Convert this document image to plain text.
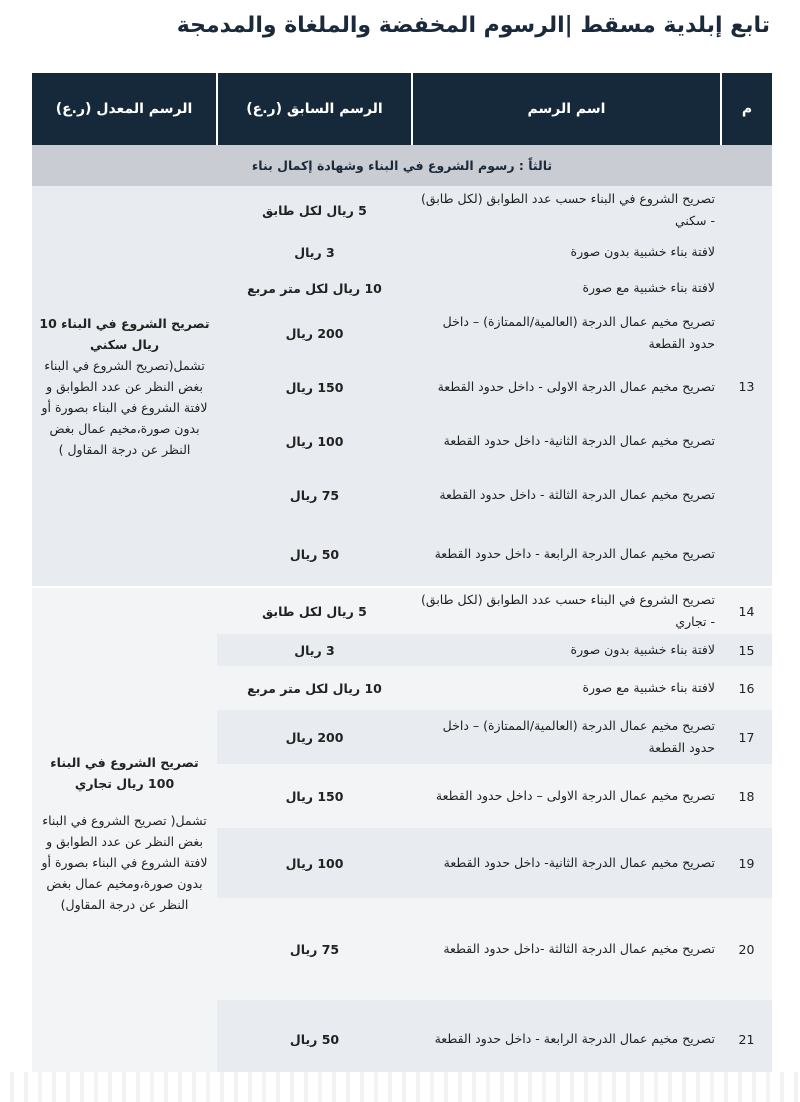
تابع إبلدية مسقط |الرسوم المخفضة والملغاة والمدمجة
م	اسم الرسم	الرسم السابق (ر.ع)	الرسم المعدل (ر.ع)
ثالثاً : رسوم الشروع في البناء وشهادة إكمال بناء			
13	تصريح الشروع في البناء حسب عدد الطوابق (لكل طابق) - سكني	5 ريال لكل طابق	تصريح الشروع في البناء 10 ريال سكني
تشمل(تصريح الشروع في البناء بغض النظر عن عدد الطوابق و لافتة الشروع في البناء بصورة أو بدون صورة،مخيم عمال بغض النظر عن درجة المقاول )

	لافتة بناء خشبية بدون صورة	3 ريال	
	لافتة بناء خشبية مع صورة	10 ريال لكل متر مربع	
	تصريح مخيم عمال الدرجة (العالمية/الممتازة) – داخل حدود القطعة	200 ريال	
	تصريح مخيم عمال الدرجة الاولى - داخل حدود القطعة	150 ريال	
	تصريح مخيم عمال الدرجة الثانية- داخل حدود القطعة	100 ريال	
	تصريح مخيم عمال الدرجة الثالثة - داخل حدود القطعة	75 ريال	
	تصريح مخيم عمال الدرجة الرابعة - داخل حدود القطعة	50 ريال	
14	تصريح الشروع في البناء حسب عدد الطوابق (لكل طابق) - تجاري	5 ريال لكل طابق	تصريح الشروع في البناء 100 ريال تجاري
تشمل( تصريح الشروع في البناء بغض النظر عن عدد الطوابق و لافتة الشروع في البناء بصورة أو بدون صورة،ومخيم عمال بغض النظر عن درجة المقاول)

15	لافتة بناء خشبية بدون صورة	3 ريال	
16	لافتة بناء خشبية مع صورة	10 ريال لكل متر مربع	
17	تصريح مخيم عمال الدرجة (العالمية/الممتازة) – داخل حدود القطعة	200 ريال	
18	تصريح مخيم عمال الدرجة الاولى – داخل حدود القطعة	150 ريال	
19	تصريح مخيم عمال الدرجة الثانية- داخل حدود القطعة	100 ريال	
20	تصريح مخيم عمال الدرجة الثالثة -داخل حدود القطعة	75 ريال	
21	تصريح مخيم عمال الدرجة الرابعة - داخل حدود القطعة	50 ريال	
